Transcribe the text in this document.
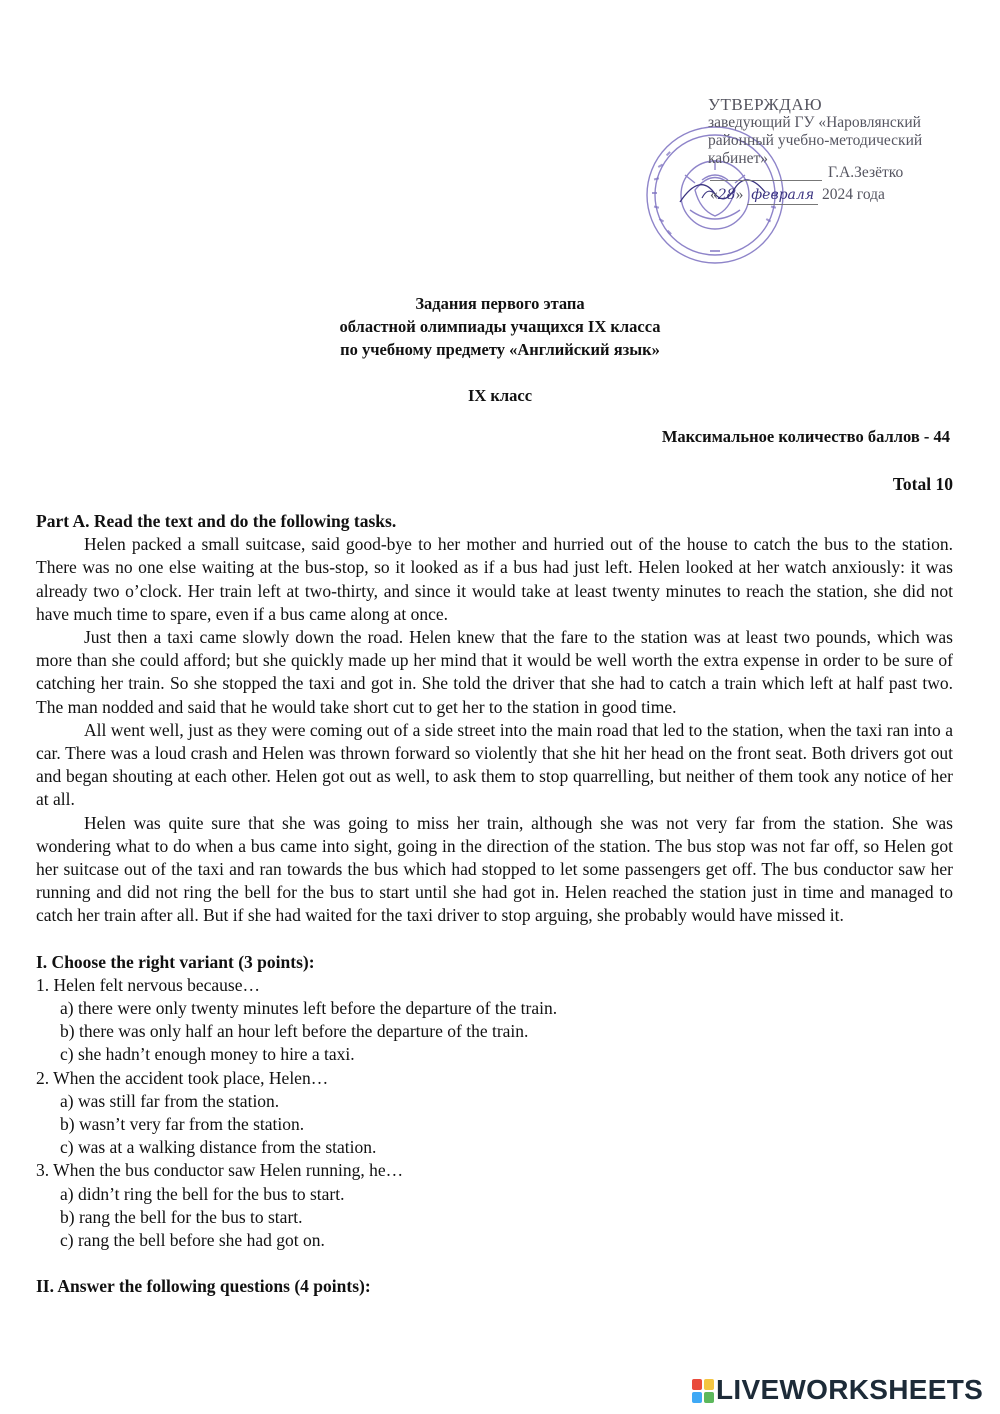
УТВЕРЖДАЮ
заведующий ГУ «Наровлянский
районный учебно-методический
кабинет»
Г.А.Зезётко
«28» февраля 2024 года
Задания первого этапа
областной олимпиады учащихся IX класса
по учебному предмету «Английский язык»
IX класс
Максимальное количество баллов - 44
Total 10

Part A. Read the text and do the following tasks.

Helen packed a small suitcase, said good-bye to her mother and hurried out of the house to catch the bus to the station. There was no one else waiting at the bus-stop, so it looked as if a bus had just left. Helen looked at her watch anxiously: it was already two o’clock. Her train left at two-thirty, and since it would take at least twenty minutes to reach the station, she did not have much time to spare, even if a bus came along at once.

Just then a taxi came slowly down the road. Helen knew that the fare to the station was at least two pounds, which was more than she could afford; but she quickly made up her mind that it would be well worth the extra expense in order to be sure of catching her train. So she stopped the taxi and got in. She told the driver that she had to catch a train which left at half past two. The man nodded and said that he would take short cut to get her to the station in good time.

All went well, just as they were coming out of a side street into the main road that led to the station, when the taxi ran into a car. There was a loud crash and Helen was thrown forward so violently that she hit her head on the front seat. Both drivers got out and began shouting at each other. Helen got out as well, to ask them to stop quarrelling, but neither of them took any notice of her at all.

Helen was quite sure that she was going to miss her train, although she was not very far from the station. She was wondering what to do when a bus came into sight, going in the direction of the station. The bus stop was not far off, so Helen got her suitcase out of the taxi and ran towards the bus which had stopped to let some passengers get off. The bus conductor saw her running and did not ring the bell for the bus to start until she had got in. Helen reached the station just in time and managed to catch her train after all. But if she had waited for the taxi driver to stop arguing, she probably would have missed it.

I. Choose the right variant (3 points):

1. Helen felt nervous because…

a) there were only twenty minutes left before the departure of the train.

b) there was only half an hour left before the departure of the train.

c) she hadn’t enough money to hire a taxi.

2. When the accident took place, Helen…

a) was still far from the station.

b) wasn’t very far from the station.

c) was at a walking distance from the station.

3. When the bus conductor saw Helen running, he…

a) didn’t ring the bell for the bus to start.

b) rang the bell for the bus to start.

c) rang the bell before she had got on.

II. Answer the following questions (4 points):

LIVEWORKSHEETS
